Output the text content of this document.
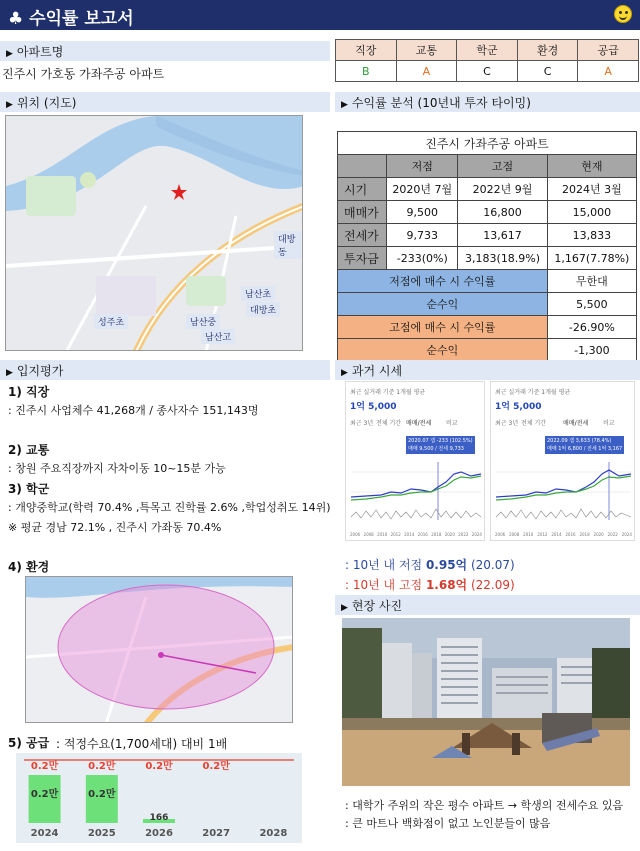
♣ 수익률 보고서
▶ 아파트명
진주시 가호동 가좌주공 아파트
직장	교통	학군	환경	공급
B	A	C	C	A
▶ 위치 (지도)
대방동
남산초
대방초
남산중
성주초
남산고
▶ 수익률 분석 (10년내 투자 타이밍)
진주시 가좌주공 아파트			
	저점	고점	현재
시기	2020년 7월	2022년 9월	2024년 3월
매매가	9,500	16,800	15,000
전세가	9,733	13,617	13,833
투자금	-233(0%)	3,183(18.9%)	1,167(7.78%)
저점에 매수 시 수익률			무한대
순수익			5,500
고점에 매수 시 수익률			-26.90%
순수익			-1,300
▶ 입지평가
1) 직장
: 진주시 사업체수 41,268개 / 종사자수 151,143명
2) 교통
: 창원 주요직장까지 자차이동 10~15분 가능
3) 학군
: 개양중학교(학력 70.4% ,특목고 진학률 2.6% ,학업성취도 14위)
※ 평균 경남 72.1% , 진주시 가좌동 70.4%
4) 환경
5) 공급 : 적정수요(1,700세대) 대비 1배
0.2만
0.2만
2024
0.2만
0.2만
2025
0.2만
166
2026
0.2만
2027	2028
▶ 과거 시세
최근 실거래 기준 1개월 평균
1억 5,000
최근 3년 전체 기간 매매/전세 비교
2020.07 갭 -233 (102.5%)
매매 9,500 / 전세 9,733
2006 2008 2010 2012 2014 2016 2018 2020 2022 2024
최근 실거래 기준 1개월 평균
1억 5,000
최근 3년 전체 기간	매매/전세 비교
2022.09 갭 3,633 (78.4%)
매매 1억 6,800 / 전세 1억 3,167
2006 2008 2010 2012 2014 2016 2018 2020 2022 2024
: 10년 내 저점 0.95억 (20.07)
: 10년 내 고점 1.68억 (22.09)
▶ 현장 사진
: 대학가 주위의 작은 평수 아파트 → 학생의 전세수요 있음
: 큰 마트나 백화점이 없고 노인분들이 많음
